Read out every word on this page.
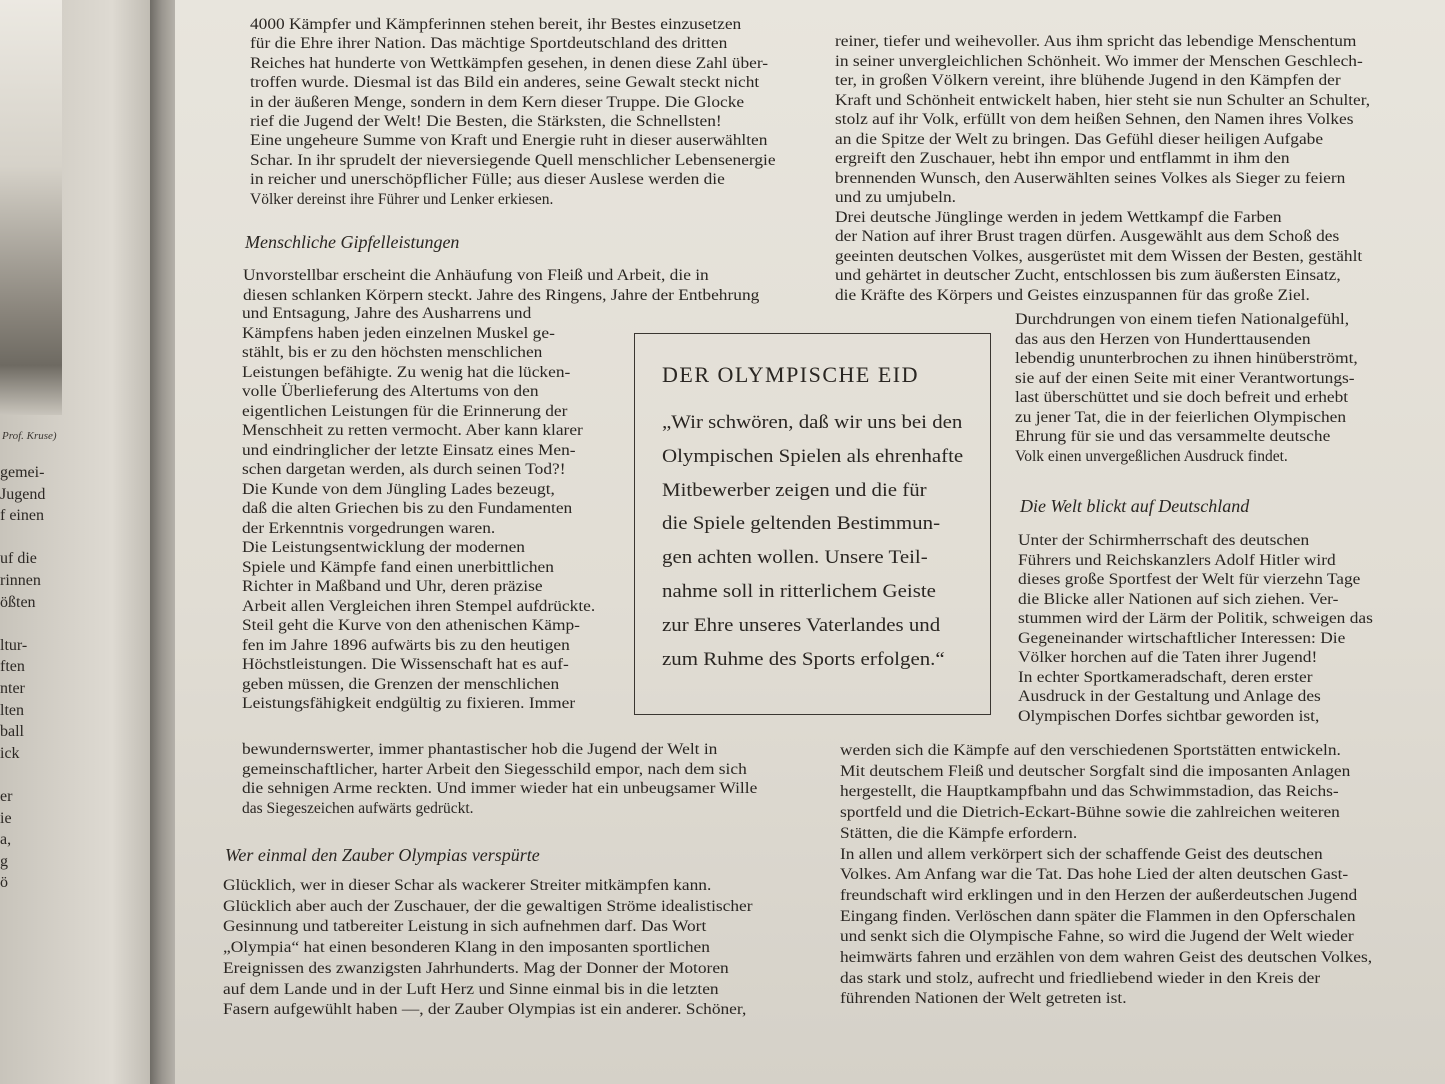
Prof. Kruse)
gemei-
Jugend
f einen
uf die
rinnen
ößten
ltur-
ften
nter
lten
ball
ick
er
ie
a,
g
ö
4000 Kämpfer und Kämpferinnen stehen bereit, ihr Bestes einzusetzen
für die Ehre ihrer Nation. Das mächtige Sportdeutschland des dritten
Reiches hat hunderte von Wettkämpfen gesehen, in denen diese Zahl über-
troffen wurde. Diesmal ist das Bild ein anderes, seine Gewalt steckt nicht
in der äußeren Menge, sondern in dem Kern dieser Truppe. Die Glocke
rief die Jugend der Welt! Die Besten, die Stärksten, die Schnellsten!
Eine ungeheure Summe von Kraft und Energie ruht in dieser auserwählten
Schar. In ihr sprudelt der nieversiegende Quell menschlicher Lebensenergie
in reicher und unerschöpflicher Fülle; aus dieser Auslese werden die
Völker dereinst ihre Führer und Lenker erkiesen.
Menschliche Gipfelleistungen
Unvorstellbar erscheint die Anhäufung von Fleiß und Arbeit, die in
diesen schlanken Körpern steckt. Jahre des Ringens, Jahre der Entbehrung
und Entsagung, Jahre des Ausharrens und
Kämpfens haben jeden einzelnen Muskel ge-
stählt, bis er zu den höchsten menschlichen
Leistungen befähigte. Zu wenig hat die lücken-
volle Überlieferung des Altertums von den
eigentlichen Leistungen für die Erinnerung der
Menschheit zu retten vermocht. Aber kann klarer
und eindringlicher der letzte Einsatz eines Men-
schen dargetan werden, als durch seinen Tod?!
Die Kunde von dem Jüngling Lades bezeugt,
daß die alten Griechen bis zu den Fundamenten
der Erkenntnis vorgedrungen waren.
Die Leistungsentwicklung der modernen
Spiele und Kämpfe fand einen unerbittlichen
Richter in Maßband und Uhr, deren präzise
Arbeit allen Vergleichen ihren Stempel aufdrückte.
Steil geht die Kurve von den athenischen Kämp-
fen im Jahre 1896 aufwärts bis zu den heutigen
Höchstleistungen. Die Wissenschaft hat es auf-
geben müssen, die Grenzen der menschlichen
Leistungsfähigkeit endgültig zu fixieren. Immer
bewundernswerter, immer phantastischer hob die Jugend der Welt in
gemeinschaftlicher, harter Arbeit den Siegesschild empor, nach dem sich
die sehnigen Arme reckten. Und immer wieder hat ein unbeugsamer Wille
das Siegeszeichen aufwärts gedrückt.
Wer einmal den Zauber Olympias verspürte
Glücklich, wer in dieser Schar als wackerer Streiter mitkämpfen kann.
Glücklich aber auch der Zuschauer, der die gewaltigen Ströme idealistischer
Gesinnung und tatbereiter Leistung in sich aufnehmen darf. Das Wort
„Olympia“ hat einen besonderen Klang in den imposanten sportlichen
Ereignissen des zwanzigsten Jahrhunderts. Mag der Donner der Motoren
auf dem Lande und in der Luft Herz und Sinne einmal bis in die letzten
Fasern aufgewühlt haben —, der Zauber Olympias ist ein anderer. Schöner,
reiner, tiefer und weihevoller. Aus ihm spricht das lebendige Menschentum
in seiner unvergleichlichen Schönheit. Wo immer der Menschen Geschlech-
ter, in großen Völkern vereint, ihre blühende Jugend in den Kämpfen der
Kraft und Schönheit entwickelt haben, hier steht sie nun Schulter an Schulter,
stolz auf ihr Volk, erfüllt von dem heißen Sehnen, den Namen ihres Volkes
an die Spitze der Welt zu bringen. Das Gefühl dieser heiligen Aufgabe
ergreift den Zuschauer, hebt ihn empor und entflammt in ihm den
brennenden Wunsch, den Auserwählten seines Volkes als Sieger zu feiern
und zu umjubeln.
Drei deutsche Jünglinge werden in jedem Wettkampf die Farben
der Nation auf ihrer Brust tragen dürfen. Ausgewählt aus dem Schoß des
geeinten deutschen Volkes, ausgerüstet mit dem Wissen der Besten, gestählt
und gehärtet in deutscher Zucht, entschlossen bis zum äußersten Einsatz,
die Kräfte des Körpers und Geistes einzuspannen für das große Ziel.
Durchdrungen von einem tiefen Nationalgefühl,
das aus den Herzen von Hunderttausenden
lebendig ununterbrochen zu ihnen hinüberströmt,
sie auf der einen Seite mit einer Verantwortungs-
last überschüttet und sie doch befreit und erhebt
zu jener Tat, die in der feierlichen Olympischen
Ehrung für sie und das versammelte deutsche
Volk einen unvergeßlichen Ausdruck findet.
Die Welt blickt auf Deutschland
Unter der Schirmherrschaft des deutschen
Führers und Reichskanzlers Adolf Hitler wird
dieses große Sportfest der Welt für vierzehn Tage
die Blicke aller Nationen auf sich ziehen. Ver-
stummen wird der Lärm der Politik, schweigen das
Gegeneinander wirtschaftlicher Interessen: Die
Völker horchen auf die Taten ihrer Jugend!
In echter Sportkameradschaft, deren erster
Ausdruck in der Gestaltung und Anlage des
Olympischen Dorfes sichtbar geworden ist,
werden sich die Kämpfe auf den verschiedenen Sportstätten entwickeln.
Mit deutschem Fleiß und deutscher Sorgfalt sind die imposanten Anlagen
hergestellt, die Hauptkampfbahn und das Schwimmstadion, das Reichs-
sportfeld und die Dietrich-Eckart-Bühne sowie die zahlreichen weiteren
Stätten, die die Kämpfe erfordern.
In allen und allem verkörpert sich der schaffende Geist des deutschen
Volkes. Am Anfang war die Tat. Das hohe Lied der alten deutschen Gast-
freundschaft wird erklingen und in den Herzen der außerdeutschen Jugend
Eingang finden. Verlöschen dann später die Flammen in den Opferschalen
und senkt sich die Olympische Fahne, so wird die Jugend der Welt wieder
heimwärts fahren und erzählen von dem wahren Geist des deutschen Volkes,
das stark und stolz, aufrecht und friedliebend wieder in den Kreis der
führenden Nationen der Welt getreten ist.
DER OLYMPISCHE EID
„Wir schwören, daß wir uns bei den
Olympischen Spielen als ehrenhafte
Mitbewerber zeigen und die für
die Spiele geltenden Bestimmun-
gen achten wollen. Unsere Teil-
nahme soll in ritterlichem Geiste
zur Ehre unseres Vaterlandes und
zum Ruhme des Sports erfolgen.“
